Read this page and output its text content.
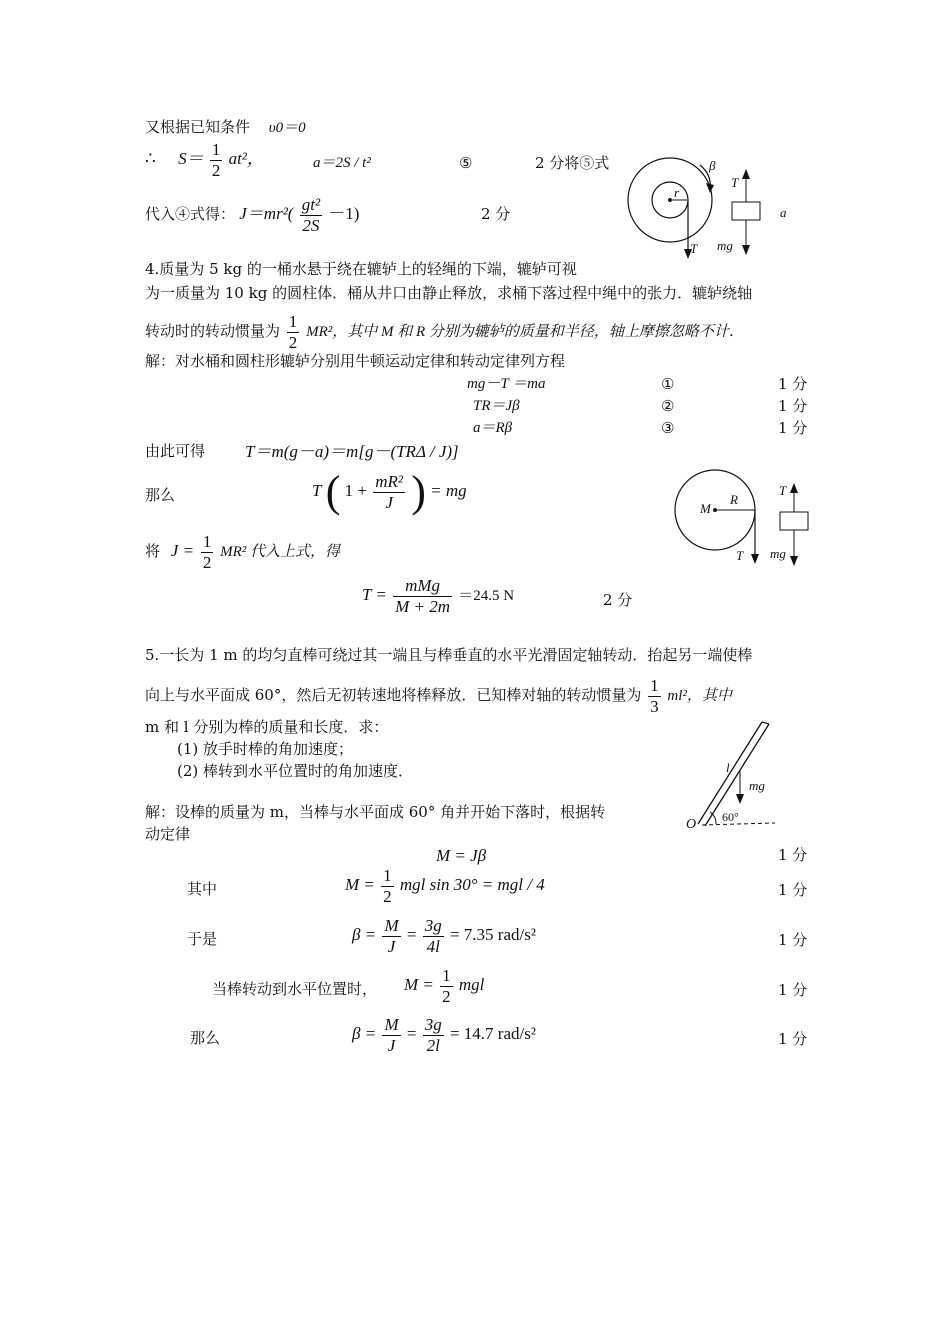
又根据已知条件 υ0＝0
∴ $S= \frac{1}{2} at^2$，	a＝2S / t²	⑤	2 分将⑤式
代入④式得： $J=mr^2( \frac{\text{gt²}}{2S} -1)$	2 分
β
r
T
T
a
mg
4.质量为 5 kg 的一桶水悬于绕在辘轳上的轻绳的下端，辘轳可视
为一质量为 10 kg 的圆柱体．桶从井口由静止释放，求桶下落过程中绳中的张力．辘轳绕轴
转动时的转动惯量为 $\frac{1}{2} MR^2$，其中 M 和 R 分别为辘轳的质量和半径，轴上摩擦忽略不计．
解：对水桶和圆柱形辘轳分别用牛顿运动定律和转动定律列方程
mg－T ＝ma	①	1 分
TR＝Jβ	②	1 分
a＝Rβ	③	1 分
由此可得 T＝m(g－a)＝m[g－(TRΔ / J)]
那么	T ( $1 + \frac{\text{mR²}}{J}$ ) = mg
将 $J = \frac{1}{2} MR^2$ 代入上式，得
$T = \frac{\text{mMg}}{M + 2m} =24.5$ N	2 分
M
R
T
T mg
5.一长为 1 m 的均匀直棒可绕过其一端且与棒垂直的水平光滑固定轴转动．抬起另一端使棒
向上与水平面成 60°，然后无初转速地将棒释放．已知棒对轴的转动惯量为 $\frac{1}{3} ml^2$，其中
m 和 l 分别为棒的质量和长度．求：
(1) 放手时棒的角加速度；
(2) 棒转到水平位置时的角加速度．
解：设棒的质量为 m，当棒与水平面成 60° 角并开始下落时，根据转
动定律
M = Jβ	1 分
其中	$M = \frac{1}{2}$ mgl sin 30° = mgl / 4	1 分
于是	$\beta = \frac{M}{J} = \frac{3g}{4l} = 7.35$ rad/s²	1 分
当棒转动到水平位置时， $M = \frac{1}{2}$ mgl	1 分
那么	$\beta = \frac{M}{J} = \frac{3g}{2l} = 14.7$ rad/s²	1 分
l
mg
O 60°
